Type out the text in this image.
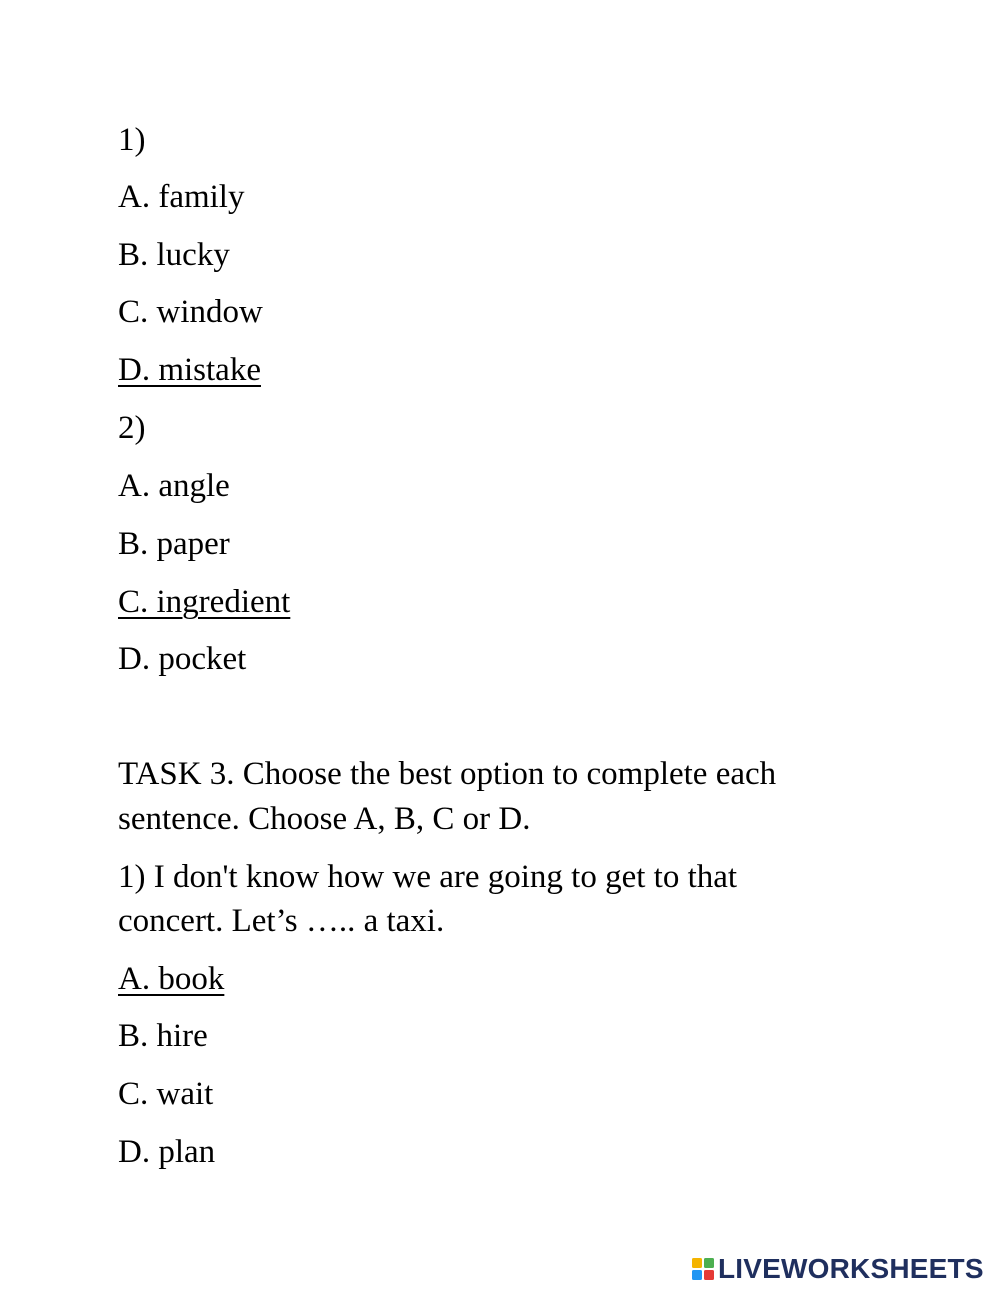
1)
A. family
B. lucky
C. window
D. mistake
2)
A. angle
B. paper
C. ingredient
D. pocket
TASK 3. Choose the best option to complete each
sentence. Choose A, B, C or D.
1) I don't know how we are going to get to that
concert. Let’s ….. a taxi.
A. book
B. hire
C. wait
D. plan
LIVEWORKSHEETS
